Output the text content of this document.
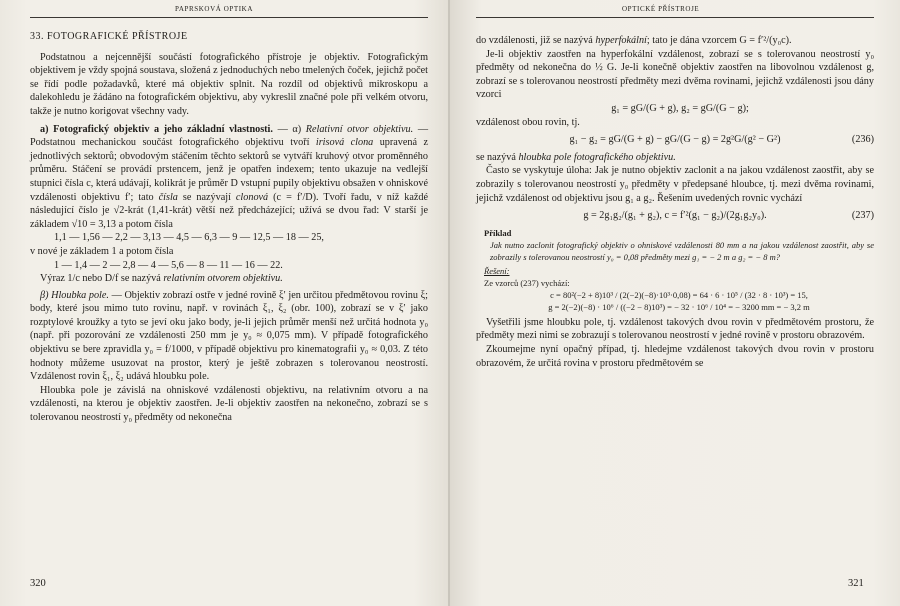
PAPRSKOVÁ OPTIKA

33. FOTOGRAFICKÉ PŘÍSTROJE

Podstatnou a nejcennější součástí fotografického přístroje je objektiv. Fotografickým objektivem je vždy spojná soustava, složená z jednoduchých nebo tmelených čoček, jejichž počet se řídí podle požadavků, které má objektiv splnit. Na rozdíl od objektivů mikroskopu a dalekohledu je žádáno na fotografickém objektivu, aby vykreslil značné pole při velkém otvoru, takže je nutno korigovat všechny vady.

a) Fotografický objektiv a jeho základní vlastnosti. — α) Relativní otvor objektivu. — Podstatnou mechanickou součást fotografického objektivu tvoří irisová clona upravená z jednotlivých sektorů; obvodovým stáčením těchto sektorů se vytváří kruhový otvor proměnného průměru. Stáčení se provádí prstencem, jenž je opatřen indexem; tento ukazuje na vedlejší stupnici čísla c, která udávají, kolikrát je průměr D vstupní pupily objektivu obsažen v ohniskové vzdálenosti objektivu f′; tato čísla se nazývají clonová (c = f′/D). Tvoří řadu, v níž každé následující číslo je √2-krát (1,41-krát) větší než předcházející; užívá se dvou řad: V starší je základem √10 = 3,13 a potom čísla

1,1 — 1,56 — 2,2 — 3,13 — 4,5 — 6,3 — 9 — 12,5 — 18 — 25,

v nové je základem 1 a potom čísla

1 — 1,4 — 2 — 2,8 — 4 — 5,6 — 8 — 11 — 16 — 22.

Výraz 1/c nebo D/f se nazývá relativním otvorem objektivu.

β) Hloubka pole. — Objektiv zobrazí ostře v jedné rovině ξ′ jen určitou předmětovou rovinu ξ; body, které jsou mimo tuto rovinu, např. v rovinách ξ₁, ξ₂ (obr. 100), zobrazí se v ξ′ jako rozptylové kroužky a tyto se jeví oku jako body, je-li jejich průměr menší než určitá hodnota y₀ (např. při pozorování ze vzdálenosti 250 mm je y₀ ≈ 0,075 mm). V případě fotografického objektivu se bere zpravidla y₀ = f/1000, v případě objektivu pro kinematografii y₀ ≈ 0,03. Z této hodnoty můžeme usuzovat na prostor, který je ještě zobrazen s tolerovanou neostrostí. Vzdálenost rovin ξ₁, ξ₂ udává hloubku pole.

Hloubka pole je závislá na ohniskové vzdálenosti objektivu, na relativním otvoru a na vzdálenosti, na kterou je objektiv zaostřen. Je-li objektiv zaostřen na nekonečno, zobrazí se s tolerovanou neostrostí y₀ předměty od nekonečna

320
OPTICKÉ PŘÍSTROJE

do vzdálenosti, již se nazývá hyperfokální; tato je dána vzorcem G = f′²/(y₀c).

Je-li objektiv zaostřen na hyperfokální vzdálenost, zobrazí se s tolerovanou neostrostí y₀ předměty od nekonečna do ½ G. Je-li konečně objektiv zaostřen na libovolnou vzdálenost g, zobrazí se s tolerovanou neostrostí předměty mezi dvěma rovinami, jejichž vzdálenosti jsou dány vzorci

g₁ = gG/(G + g), g₂ = gG/(G − g);

vzdálenost obou rovin, tj.

g₁ − g₂ = gG/(G + g) − gG/(G − g) = 2g²G/(g² − G²)	(236)

se nazývá hloubka pole fotografického objektivu.

Často se vyskytuje úloha: Jak je nutno objektiv zaclonit a na jakou vzdálenost zaostřit, aby se zobrazily s tolerovanou neostrostí y₀ předměty v předepsané hloubce, tj. mezi dvěma rovinami, jejichž vzdálenost od objektivu jsou g₁ a g₂. Řešením uvedených rovnic vychází

g = 2g₁g₂/(g₁ + g₂), c = f′²(g₁ − g₂)/(2g₁g₂y₀).	(237)
Příklad
Jak nutno zaclonit fotografický objektiv o ohniskové vzdálenosti 80 mm a na jakou vzdálenost zaostřit, aby se zobrazily s tolerovanou neostrostí y₀ = 0,08 předměty mezi g₁ = − 2 m a g₂ = − 8 m?
Řešení:
Ze vzorců (237) vychází:
c = 80²(−2 + 8)10³ / (2(−2)(−8)·10³·0,08) = 64 · 6 · 10⁵ / (32 · 8 · 10³) = 15,
g = 2(−2)(−8) · 10⁶ / ((−2 − 8)10³) = − 32 · 10⁶ / 10⁴ = − 3200 mm = − 3,2 m

Vyšetřili jsme hloubku pole, tj. vzdálenost takových dvou rovin v předmětovém prostoru, že předměty mezi nimi se zobrazují s tolerovanou neostrostí v jedné rovině v prostoru obrazovém.

Zkoumejme nyní opačný případ, tj. hledejme vzdálenost takových dvou rovin v prostoru obrazovém, že určitá rovina v prostoru předmětovém se

321
